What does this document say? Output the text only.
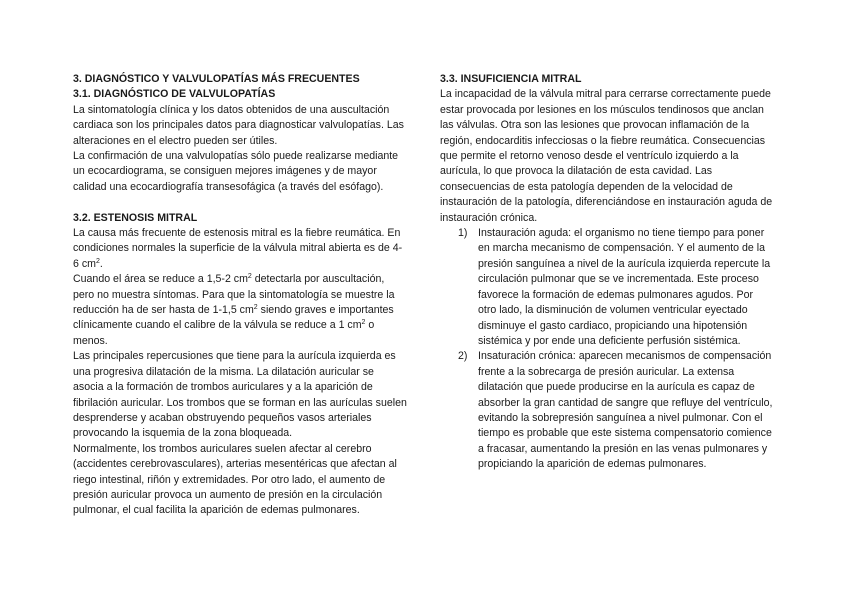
3. DIAGNÓSTICO Y VALVULOPATÍAS MÁS FRECUENTES

3.1. DIAGNÓSTICO DE VALVULOPATÍAS

La sintomatología clínica y los datos obtenidos de una auscultación cardiaca son los principales datos para diagnosticar valvulopatías. Las alteraciones en el electro pueden ser útiles.

La confirmación de una valvulopatías sólo puede realizarse mediante un ecocardiograma, se consiguen mejores imágenes y de mayor calidad una ecocardiografía transesofágica (a través del esófago).

3.2. ESTENOSIS MITRAL

La causa más frecuente de estenosis mitral es la fiebre reumática. En condiciones normales la superficie de la válvula mitral abierta es de 4-6 $cm^2$.

Cuando el área se reduce a 1,5-2 $cm^2$ detectarla por auscultación, pero no muestra síntomas. Para que la sintomatología se muestre la reducción ha de ser hasta de 1-1,5 $cm^2$ siendo graves e importantes clínicamente cuando el calibre de la válvula se reduce a 1 $cm^2$ o menos.

Las principales repercusiones que tiene para la aurícula izquierda es una progresiva dilatación de la misma. La dilatación auricular se asocia a la formación de trombos auriculares y a la aparición de fibrilación auricular. Los trombos que se forman en las aurículas suelen desprenderse y acaban obstruyendo pequeños vasos arteriales provocando la isquemia de la zona bloqueada.

Normalmente, los trombos auriculares suelen afectar al cerebro (accidentes cerebrovasculares), arterias mesentéricas que afectan al riego intestinal, riñón y extremidades. Por otro lado, el aumento de presión auricular provoca un aumento de presión en la circulación pulmonar, el cual facilita la aparición de edemas pulmonares.

3.3. INSUFICIENCIA MITRAL

La incapacidad de la válvula mitral para cerrarse correctamente puede estar provocada por lesiones en los músculos tendinosos que anclan las válvulas. Otra son las lesiones que provocan inflamación de la región, endocarditis infecciosas o la fiebre reumática. Consecuencias que permite el retorno venoso desde el ventrículo izquierdo a la aurícula, lo que provoca la dilatación de esta cavidad. Las consecuencias de esta patología dependen de la velocidad de instauración de la patología, diferenciándose en instauración aguda de instauración crónica.

1) Instauración aguda: el organismo no tiene tiempo para poner en marcha mecanismo de compensación. Y el aumento de la presión sanguínea a nivel de la aurícula izquierda repercute la circulación pulmonar que se ve incrementada. Este proceso favorece la formación de edemas pulmonares agudos. Por otro lado, la disminución de volumen ventricular eyectado disminuye el gasto cardiaco, propiciando una hipotensión sistémica y por ende una deficiente perfusión sistémica.
2) Insaturación crónica: aparecen mecanismos de compensación frente a la sobrecarga de presión auricular. La extensa dilatación que puede producirse en la aurícula es capaz de absorber la gran cantidad de sangre que refluye del ventrículo, evitando la sobrepresión sanguínea a nivel pulmonar. Con el tiempo es probable que este sistema compensatorio comience a fracasar, aumentando la presión en las venas pulmonares y propiciando la aparición de edemas pulmonares.
